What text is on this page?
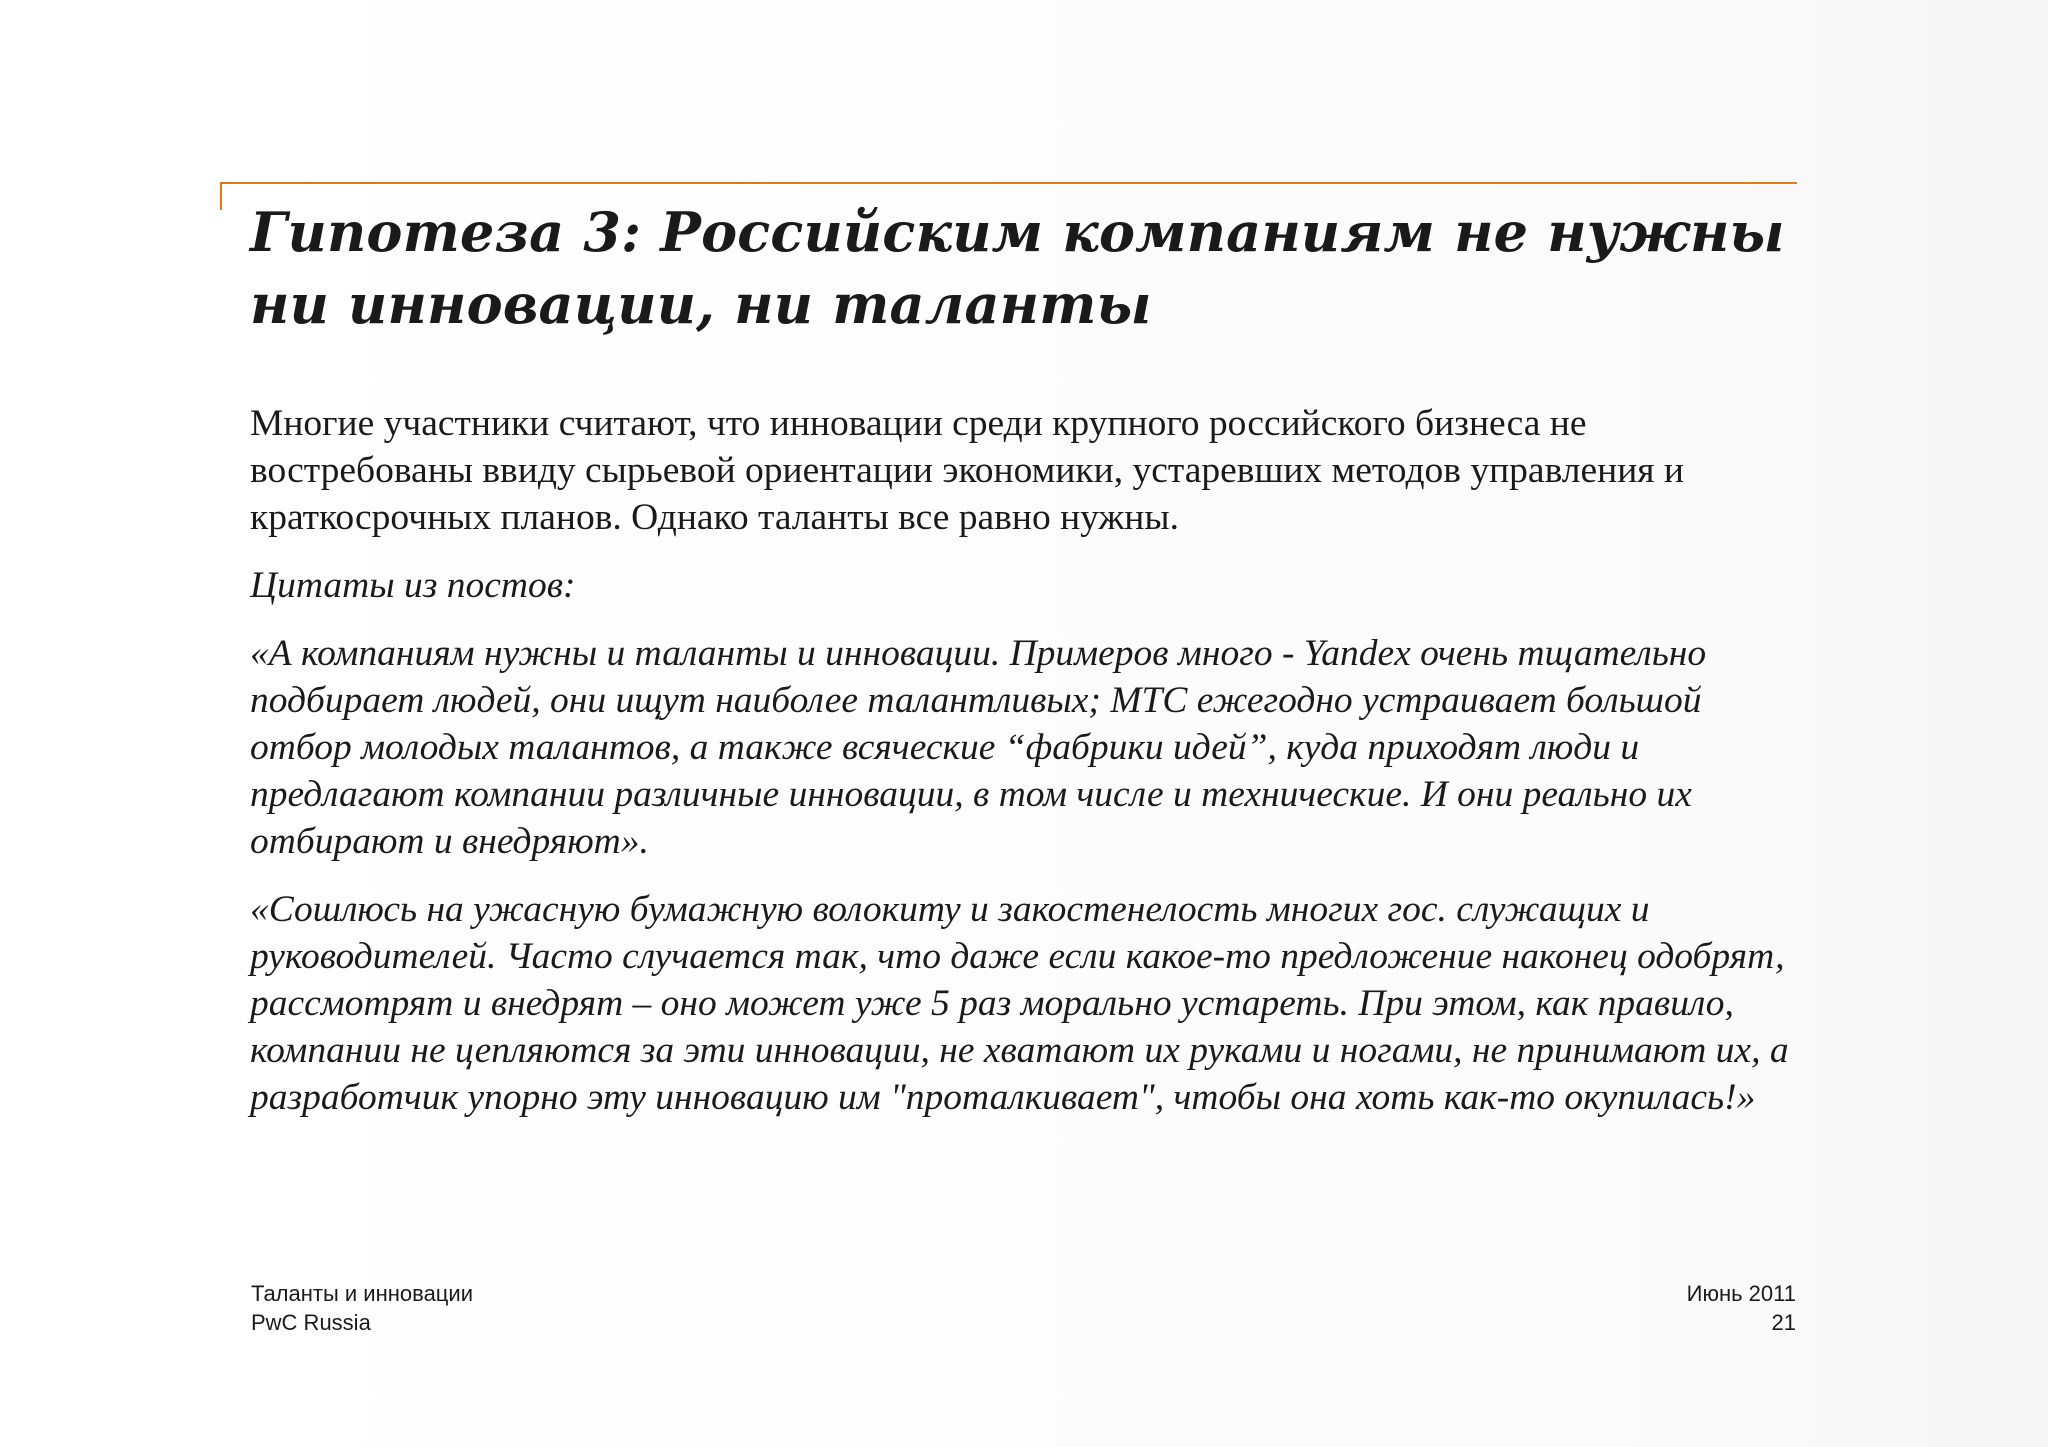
Гипотеза 3: Российским компаниям не нужны
ни инновации, ни таланты

Многие участники считают, что инновации среди крупного российского бизнеса не востребованы ввиду сырьевой ориентации экономики, устаревших методов управления и краткосрочных планов. Однако таланты все равно нужны.

Цитаты из постов:

«А компаниям нужны и таланты и инновации. Примеров много - Yandex очень тщательно подбирает людей, они ищут наиболее талантливых; МТС ежегодно устраивает большой отбор молодых талантов, а также всяческие “фабрики идей”, куда приходят люди и предлагают компании различные инновации, в том числе и технические. И они реально их отбирают и внедряют».

«Сошлюсь на ужасную бумажную волокиту и закостенелость многих гос. служащих и руководителей. Часто случается так, что даже если какое-то предложение наконец одобрят, рассмотрят и внедрят – оно может уже 5 раз морально устареть. При этом, как правило, компании не цепляются за эти инновации, не хватают их руками и ногами, не принимают их, а разработчик упорно эту инновацию им "проталкивает", чтобы она хоть как-то окупилась!»

Таланты и инновации
PwC Russia
Июнь 2011
21
